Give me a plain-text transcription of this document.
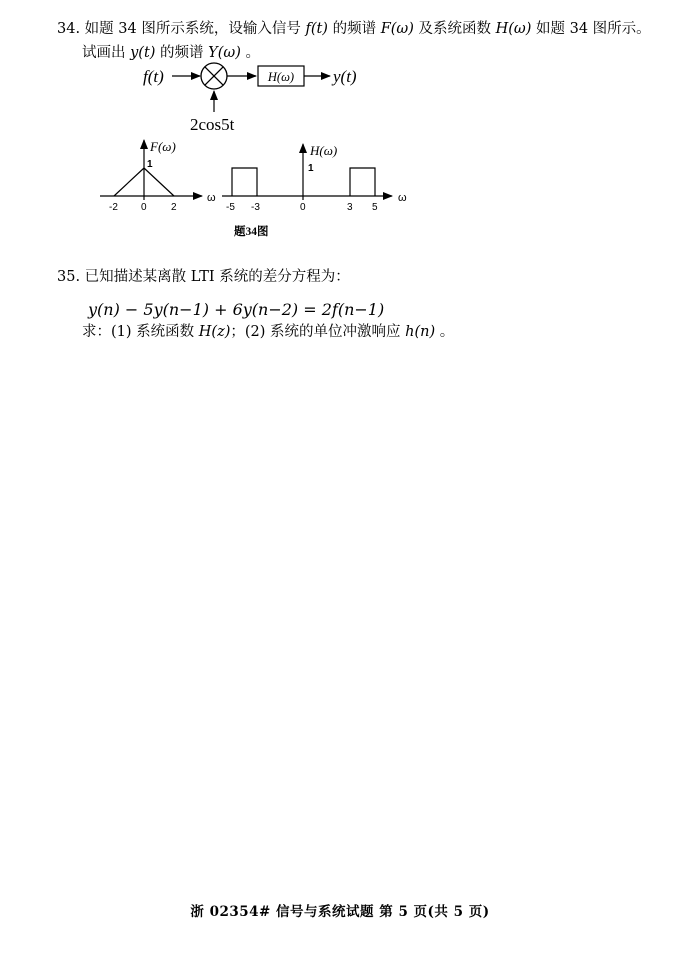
34. 如题 34 图所示系统，设输入信号 f(t) 的频谱 F(ω) 及系统函数 H(ω) 如题 34 图所示。
试画出 y(t) 的频谱 Y(ω) 。
f(t)	H(ω) y(t)
2cos5t
F(ω)
1
ω
-2 0 2
H(ω)
1
ω
-5 -3	0	3 5
题34图
35. 已知描述某离散 LTI 系统的差分方程为：
y(n) − 5y(n−1) + 6y(n−2) = 2f(n−1)
求：(1) 系统函数 H(z)；(2) 系统的单位冲激响应 h(n) 。
浙 02354# 信号与系统试题 第 5 页(共 5 页)
